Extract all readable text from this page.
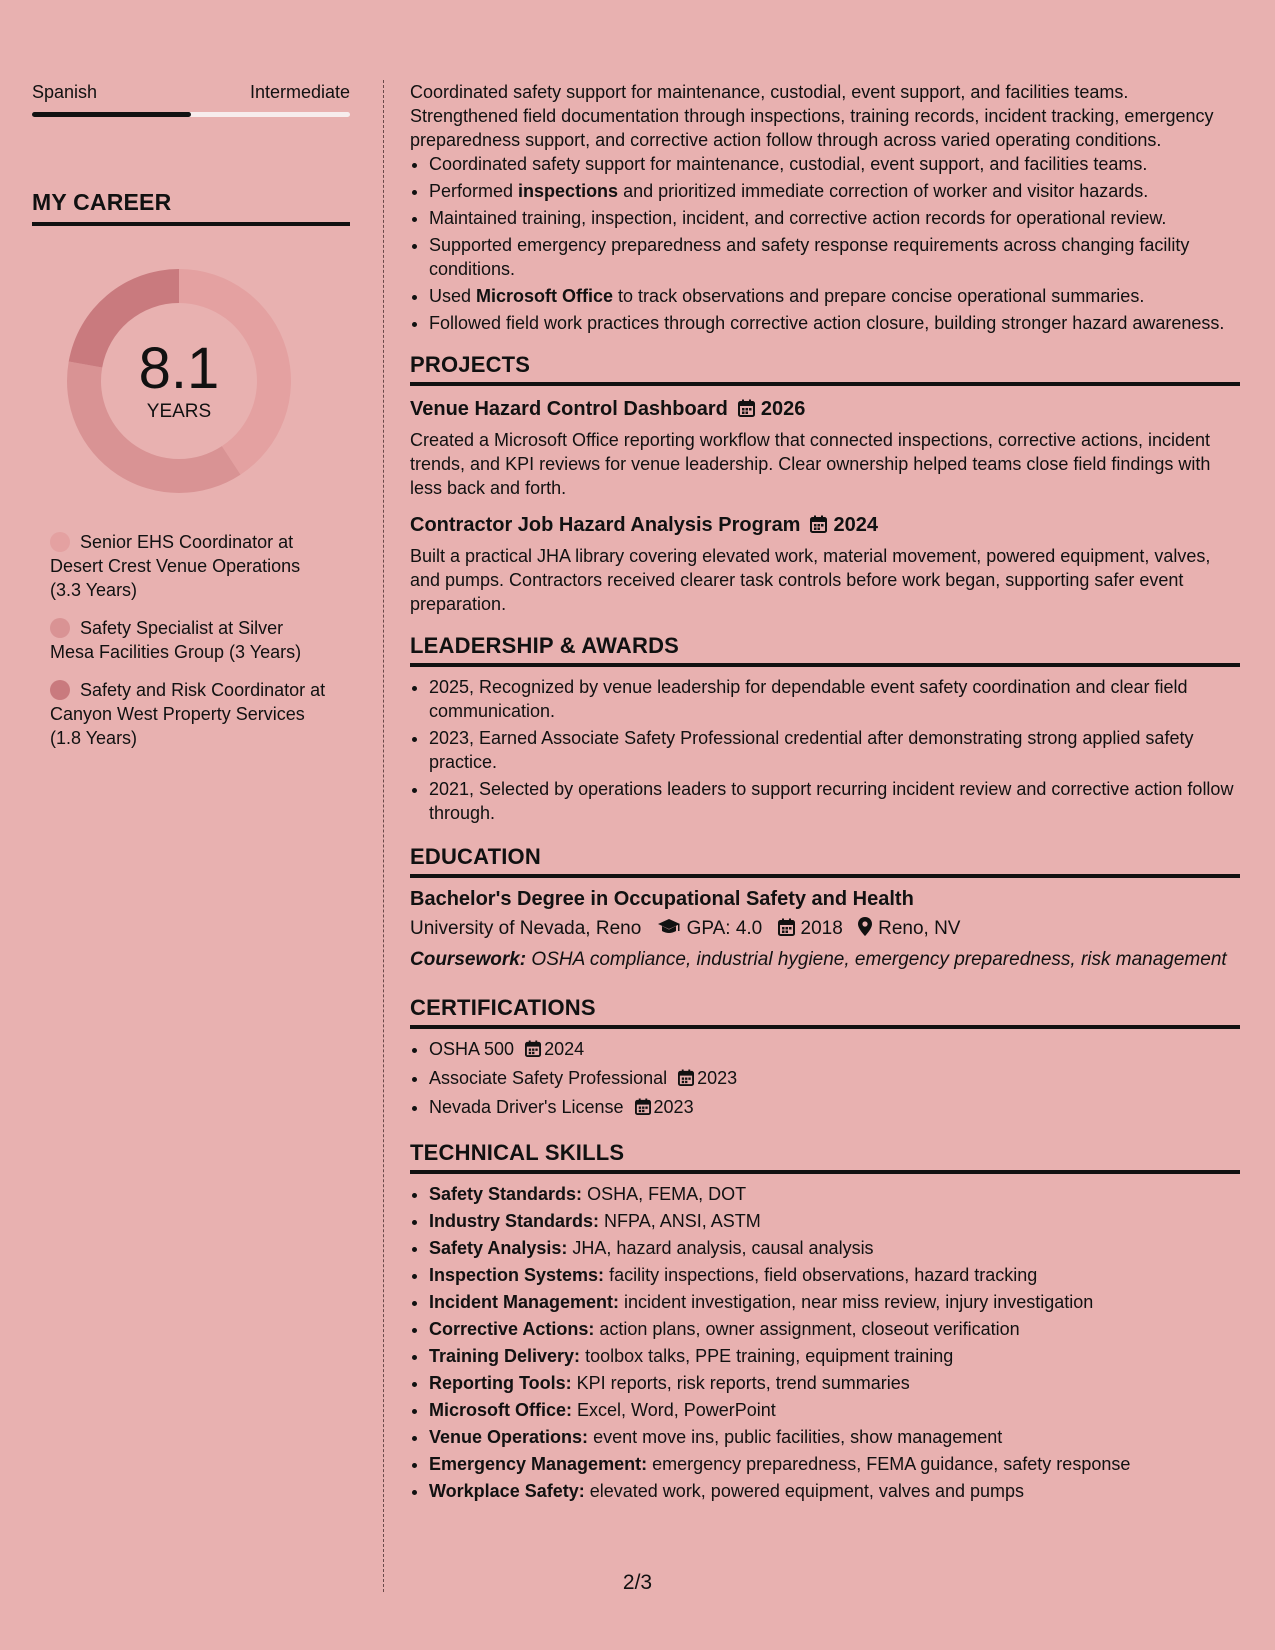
Spanish	Intermediate
MY CAREER
8.1
YEARS
Senior EHS Coordinator at Desert Crest Venue Operations (3.3 Years)
Safety Specialist at Silver Mesa Facilities Group (3 Years)
Safety and Risk Coordinator at Canyon West Property Services (1.8 Years)

Coordinated safety support for maintenance, custodial, event support, and facilities teams. Strengthened field documentation through inspections, training records, incident tracking, emergency preparedness support, and corrective action follow through across varied operating conditions.

• Coordinated safety support for maintenance, custodial, event support, and facilities teams.
• Performed inspections and prioritized immediate correction of worker and visitor hazards.
• Maintained training, inspection, incident, and corrective action records for operational review.
• Supported emergency preparedness and safety response requirements across changing facility conditions.
• Used Microsoft Office to track observations and prepare concise operational summaries.
• Followed field work practices through corrective action closure, building stronger hazard awareness.
PROJECTS
Venue Hazard Control Dashboard 2026

Created a Microsoft Office reporting workflow that connected inspections, corrective actions, incident trends, and KPI reviews for venue leadership. Clear ownership helped teams close field findings with less back and forth.

Contractor Job Hazard Analysis Program 2024

Built a practical JHA library covering elevated work, material movement, powered equipment, valves, and pumps. Contractors received clearer task controls before work began, supporting safer event preparation.

LEADERSHIP & AWARDS
• 2025, Recognized by venue leadership for dependable event safety coordination and clear field communication.
• 2023, Earned Associate Safety Professional credential after demonstrating strong applied safety practice.
• 2021, Selected by operations leaders to support recurring incident review and corrective action follow through.
EDUCATION
Bachelor's Degree in Occupational Safety and Health
University of Nevada, Reno GPA: 4.0 2018 Reno, NV
Coursework: OSHA compliance, industrial hygiene, emergency preparedness, risk management
CERTIFICATIONS
• OSHA 500 2024
• Associate Safety Professional 2023
• Nevada Driver's License 2023
TECHNICAL SKILLS
• Safety Standards: OSHA, FEMA, DOT
• Industry Standards: NFPA, ANSI, ASTM
• Safety Analysis: JHA, hazard analysis, causal analysis
• Inspection Systems: facility inspections, field observations, hazard tracking
• Incident Management: incident investigation, near miss review, injury investigation
• Corrective Actions: action plans, owner assignment, closeout verification
• Training Delivery: toolbox talks, PPE training, equipment training
• Reporting Tools: KPI reports, risk reports, trend summaries
• Microsoft Office: Excel, Word, PowerPoint
• Venue Operations: event move ins, public facilities, show management
• Emergency Management: emergency preparedness, FEMA guidance, safety response
• Workplace Safety: elevated work, powered equipment, valves and pumps
2/3
